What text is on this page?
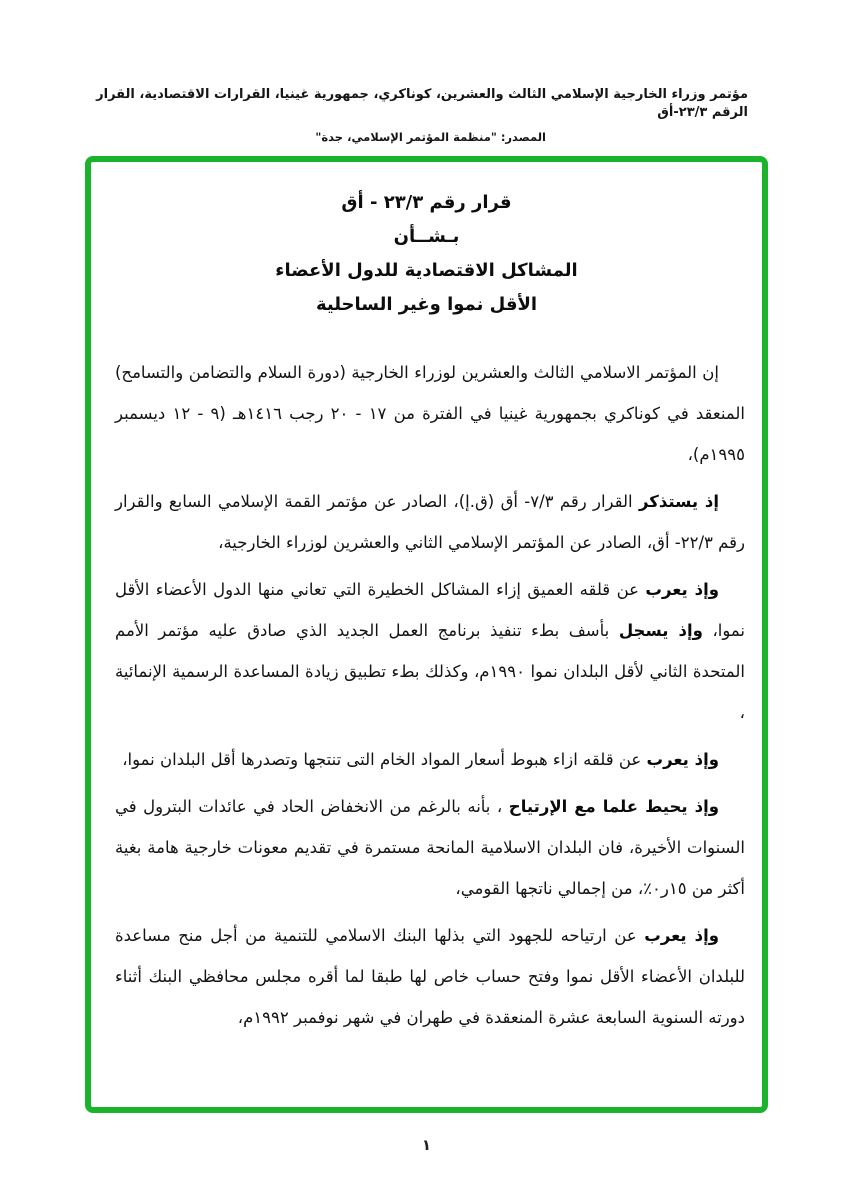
مؤتمر وزراء الخارجية الإسلامي الثالث والعشرين، كوناكري، جمهورية غينيا، القرارات الاقتصادية، القرار الرقم ٢٣/٣-أق
المصدر: "منظمة المؤتمر الإسلامي، جدة"
قرار رقم ٢٣/٣ - أق
بـشــأن
المشاكل الاقتصادية للدول الأعضاء
الأقل نموا وغير الساحلية

إن المؤتمر الاسلامي الثالث والعشرين لوزراء الخارجية (دورة السلام والتضامن والتسامح) المنعقد في كوناكري بجمهورية غينيا في الفترة من ١٧ - ٢٠ رجب ١٤١٦هـ (٩ - ١٢ ديسمبر ١٩٩٥م)،

إذ يستذكر القرار رقم ٧/٣- أق (ق.إ)، الصادر عن مؤتمر القمة الإسلامي السابع والقرار رقم ٢٢/٣- أق، الصادر عن المؤتمر الإسلامي الثاني والعشرين لوزراء الخارجية،

وإذ يعرب عن قلقه العميق إزاء المشاكل الخطيرة التي تعاني منها الدول الأعضاء الأقل نموا، وإذ يسجل بأسف بطء تنفيذ برنامج العمل الجديد الذي صادق عليه مؤتمر الأمم المتحدة الثاني لأقل البلدان نموا ١٩٩٠م، وكذلك بطء تطبيق زيادة المساعدة الرسمية الإنمائية ،

وإذ يعرب عن قلقه ازاء هبوط أسعار المواد الخام التى تنتجها وتصدرها أقل البلدان نموا،

وإذ يحيط علما مع الإرتياح ، بأنه بالرغم من الانخفاض الحاد في عائدات البترول في السنوات الأخيرة، فان البلدان الاسلامية المانحة مستمرة في تقديم معونات خارجية هامة بغية أكثر من ٪٠ر١٥، من إجمالي ناتجها القومي،

وإذ يعرب عن ارتياحه للجهود التي بذلها البنك الاسلامي للتنمية من أجل منح مساعدة للبلدان الأعضاء الأقل نموا وفتح حساب خاص لها طبقا لما أقره مجلس محافظي البنك أثناء دورته السنوية السابعة عشرة المنعقدة في طهران في شهر نوفمبر ١٩٩٢م،

١
